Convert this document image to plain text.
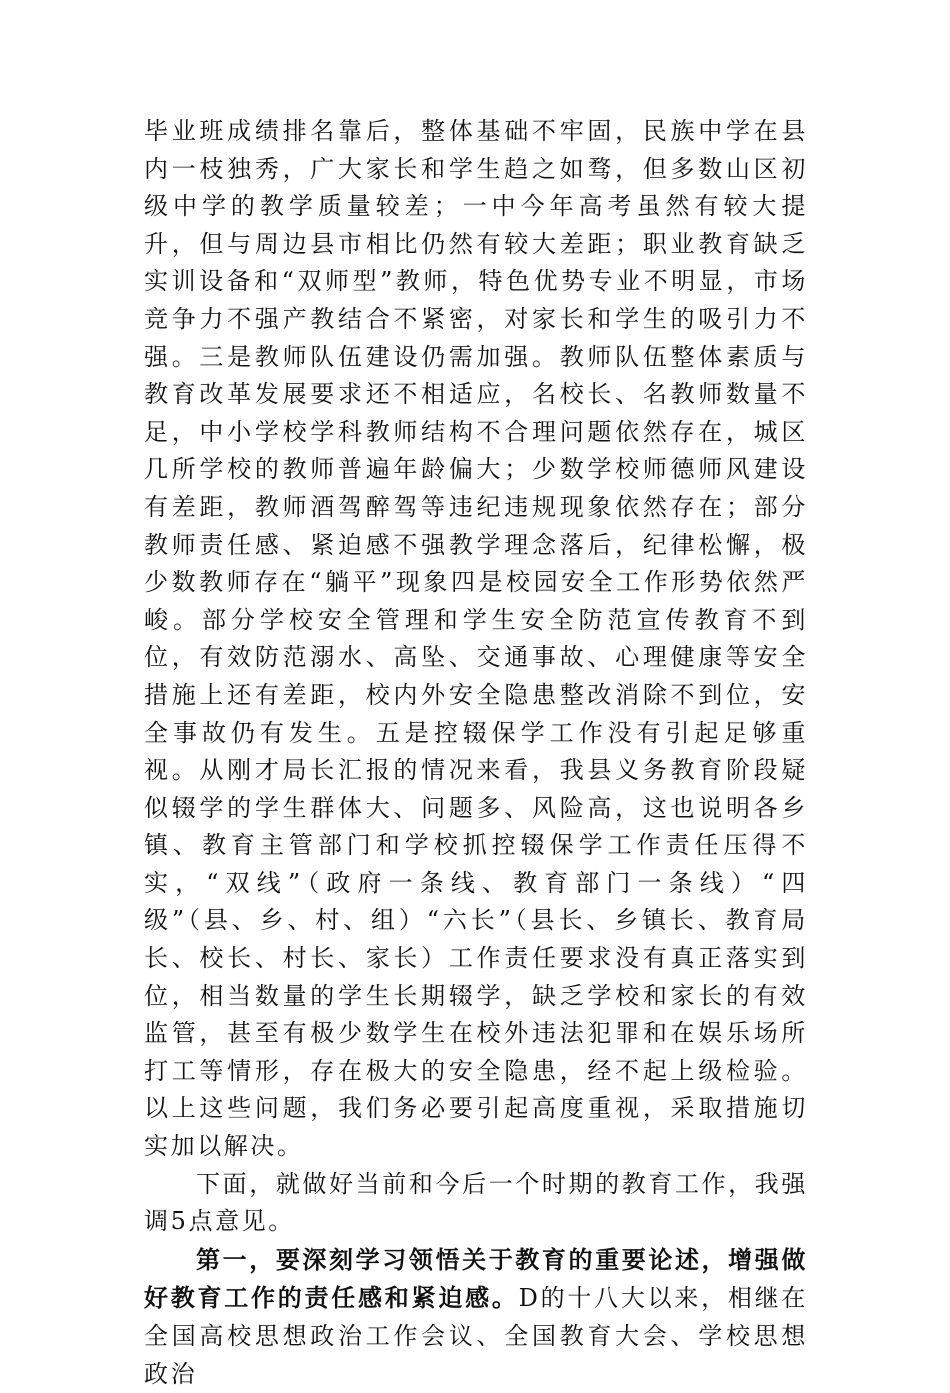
毕业班成绩排名靠后，整体基础不牢固，民族中学在县内一枝独秀，广大家长和学生趋之如骛，但多数山区初级中学的教学质量较差；一中今年高考虽然有较大提升，但与周边县市相比仍然有较大差距；职业教育缺乏实训设备和“双师型”教师，特色优势专业不明显，市场竞争力不强产教结合不紧密，对家长和学生的吸引力不强。三是教师队伍建设仍需加强。教师队伍整体素质与教育改革发展要求还不相适应，名校长、名教师数量不足，中小学校学科教师结构不合理问题依然存在，城区几所学校的教师普遍年龄偏大；少数学校师德师风建设有差距，教师酒驾醉驾等违纪违规现象依然存在；部分教师责任感、紧迫感不强教学理念落后，纪律松懈，极少数教师存在“躺平”现象四是校园安全工作形势依然严峻。部分学校安全管理和学生安全防范宣传教育不到位，有效防范溺水、高坠、交通事故、心理健康等安全措施上还有差距，校内外安全隐患整改消除不到位，安全事故仍有发生。五是控辍保学工作没有引起足够重视。从刚才局长汇报的情况来看，我县义务教育阶段疑似辍学的学生群体大、问题多、风险高，这也说明各乡镇、教育主管部门和学校抓控辍保学工作责任压得不实，“双线”（政府一条线、教育部门一条线）“四级”（县、乡、村、组）“六长”（县长、乡镇长、教育局长、校长、村长、家长）工作责任要求没有真正落实到位，相当数量的学生长期辍学，缺乏学校和家长的有效监管，甚至有极少数学生在校外违法犯罪和在娱乐场所打工等情形，存在极大的安全隐患，经不起上级检验。以上这些问题，我们务必要引起高度重视，采取措施切实加以解决。

下面，就做好当前和今后一个时期的教育工作，我强调5点意见。

第一，要深刻学习领悟关于教育的重要论述，增强做好教育工作的责任感和紧迫感。D的十八大以来，相继在全国高校思想政治工作会议、全国教育大会、学校思想政治
